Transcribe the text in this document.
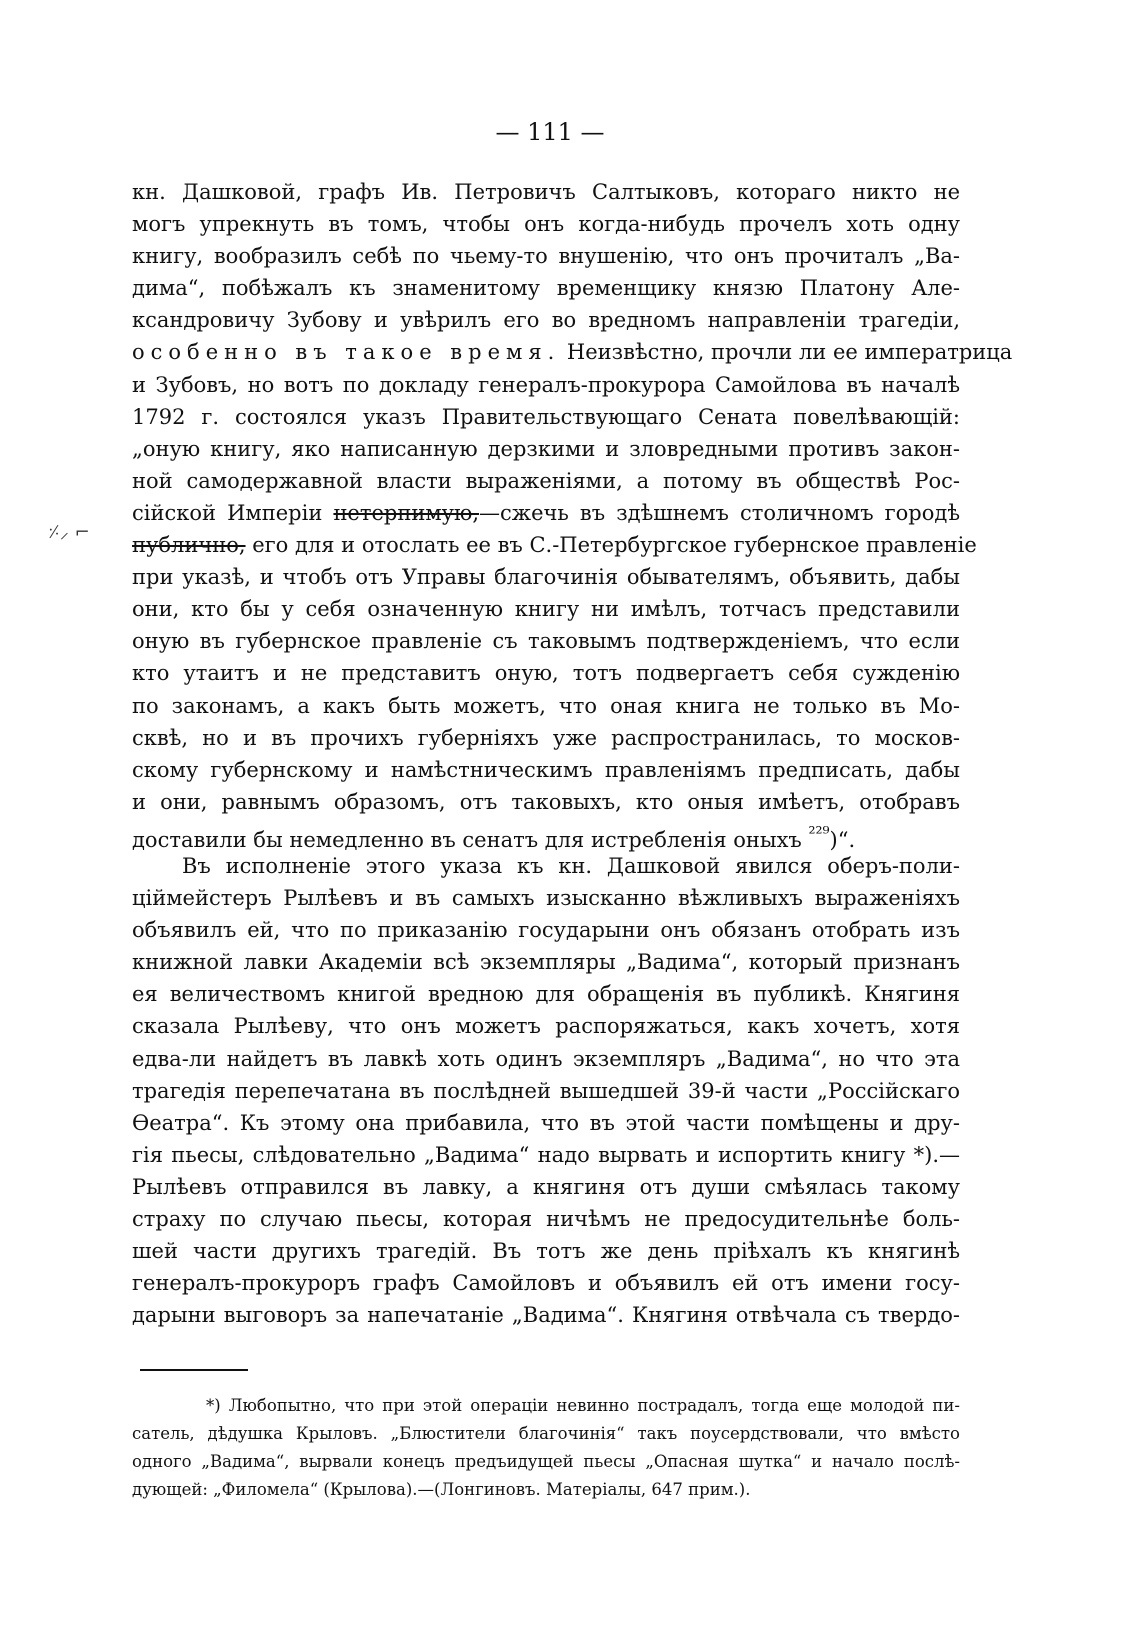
— 111 —
⸓⸝ ⌐
кн. Дашковой, графъ Ив. Петровичъ Салтыковъ, котораго никто не
могъ упрекнуть въ томъ, чтобы онъ когда-нибудь прочелъ хоть одну
книгу, вообразилъ себѣ по чьему-то внушенію, что онъ прочиталъ „Ва-
дима“, побѣжалъ къ знаменитому временщику князю Платону Але-
ксандровичу Зубову и увѣрилъ его во вредномъ направленіи трагедіи,
особенно въ такое время. Неизвѣстно, прочли ли ее императрица
и Зубовъ, но вотъ по докладу генералъ-прокурора Самойлова въ началѣ
1792 г. состоялся указъ Правительствующаго Сената повелѣвающій:
„оную книгу, яко написанную дерзкими и зловредными противъ закон-
ной самодержавной власти выраженіями, а потому въ обществѣ Рос-
сійской Имперіи нетерпимую,—сжечь въ здѣшнемъ столичномъ городѣ
публично, его для и отослать ее въ С.-Петербургское губернское правленіе
при указѣ, и чтобъ отъ Управы благочинія обывателямъ, объявить, дабы
они, кто бы у себя означенную книгу ни имѣлъ, тотчасъ представили
оную въ губернское правленіе съ таковымъ подтвержденіемъ, что если
кто утаитъ и не представитъ оную, тотъ подвергаетъ себя сужденію
по законамъ, а какъ быть можетъ, что оная книга не только въ Мо-
сквѣ, но и въ прочихъ губерніяхъ уже распространилась, то москов-
скому губернскому и намѣстническимъ правленіямъ предписать, дабы
и они, равнымъ образомъ, отъ таковыхъ, кто оныя имѣетъ, отобравъ
доставили бы немедленно въ сенатъ для истребленія оныхъ $^{^{229}}$)“.
Въ исполненіе этого указа къ кн. Дашковой явился оберъ-поли-
ціймейстеръ Рылѣевъ и въ самыхъ изысканно вѣжливыхъ выраженіяхъ
объявилъ ей, что по приказанію государыни онъ обязанъ отобрать изъ
книжной лавки Академіи всѣ экземпляры „Вадима“, который признанъ
ея величествомъ книгой вредною для обращенія въ публикѣ. Княгиня
сказала Рылѣеву, что онъ можетъ распоряжаться, какъ хочетъ, хотя
едва-ли найдетъ въ лавкѣ хоть одинъ экземпляръ „Вадима“, но что эта
трагедія перепечатана въ послѣдней вышедшей 39-й части „Россійскаго
Ѳеатра“. Къ этому она прибавила, что въ этой части помѣщены и дру-
гія пьесы, слѣдовательно „Вадима“ надо вырвать и испортить книгу *).—
Рылѣевъ отправился въ лавку, а княгиня отъ души смѣялась такому
страху по случаю пьесы, которая ничѣмъ не предосудительнѣе боль-
шей части другихъ трагедій. Въ тотъ же день пріѣхалъ къ княгинѣ
генералъ-прокуроръ графъ Самойловъ и объявилъ ей отъ имени госу-
дарыни выговоръ за напечатаніе „Вадима“. Княгиня отвѣчала съ твердо-
*) Любопытно, что при этой операціи невинно пострадалъ, тогда еще молодой пи-
сатель, дѣдушка Крыловъ. „Блюстители благочинія“ такъ поусердствовали, что вмѣсто
одного „Вадима“, вырвали конецъ предъидущей пьесы „Опасная шутка“ и начало послѣ-
дующей: „Филомела“ (Крылова).—(Лонгиновъ. Матеріалы, 647 прим.).
